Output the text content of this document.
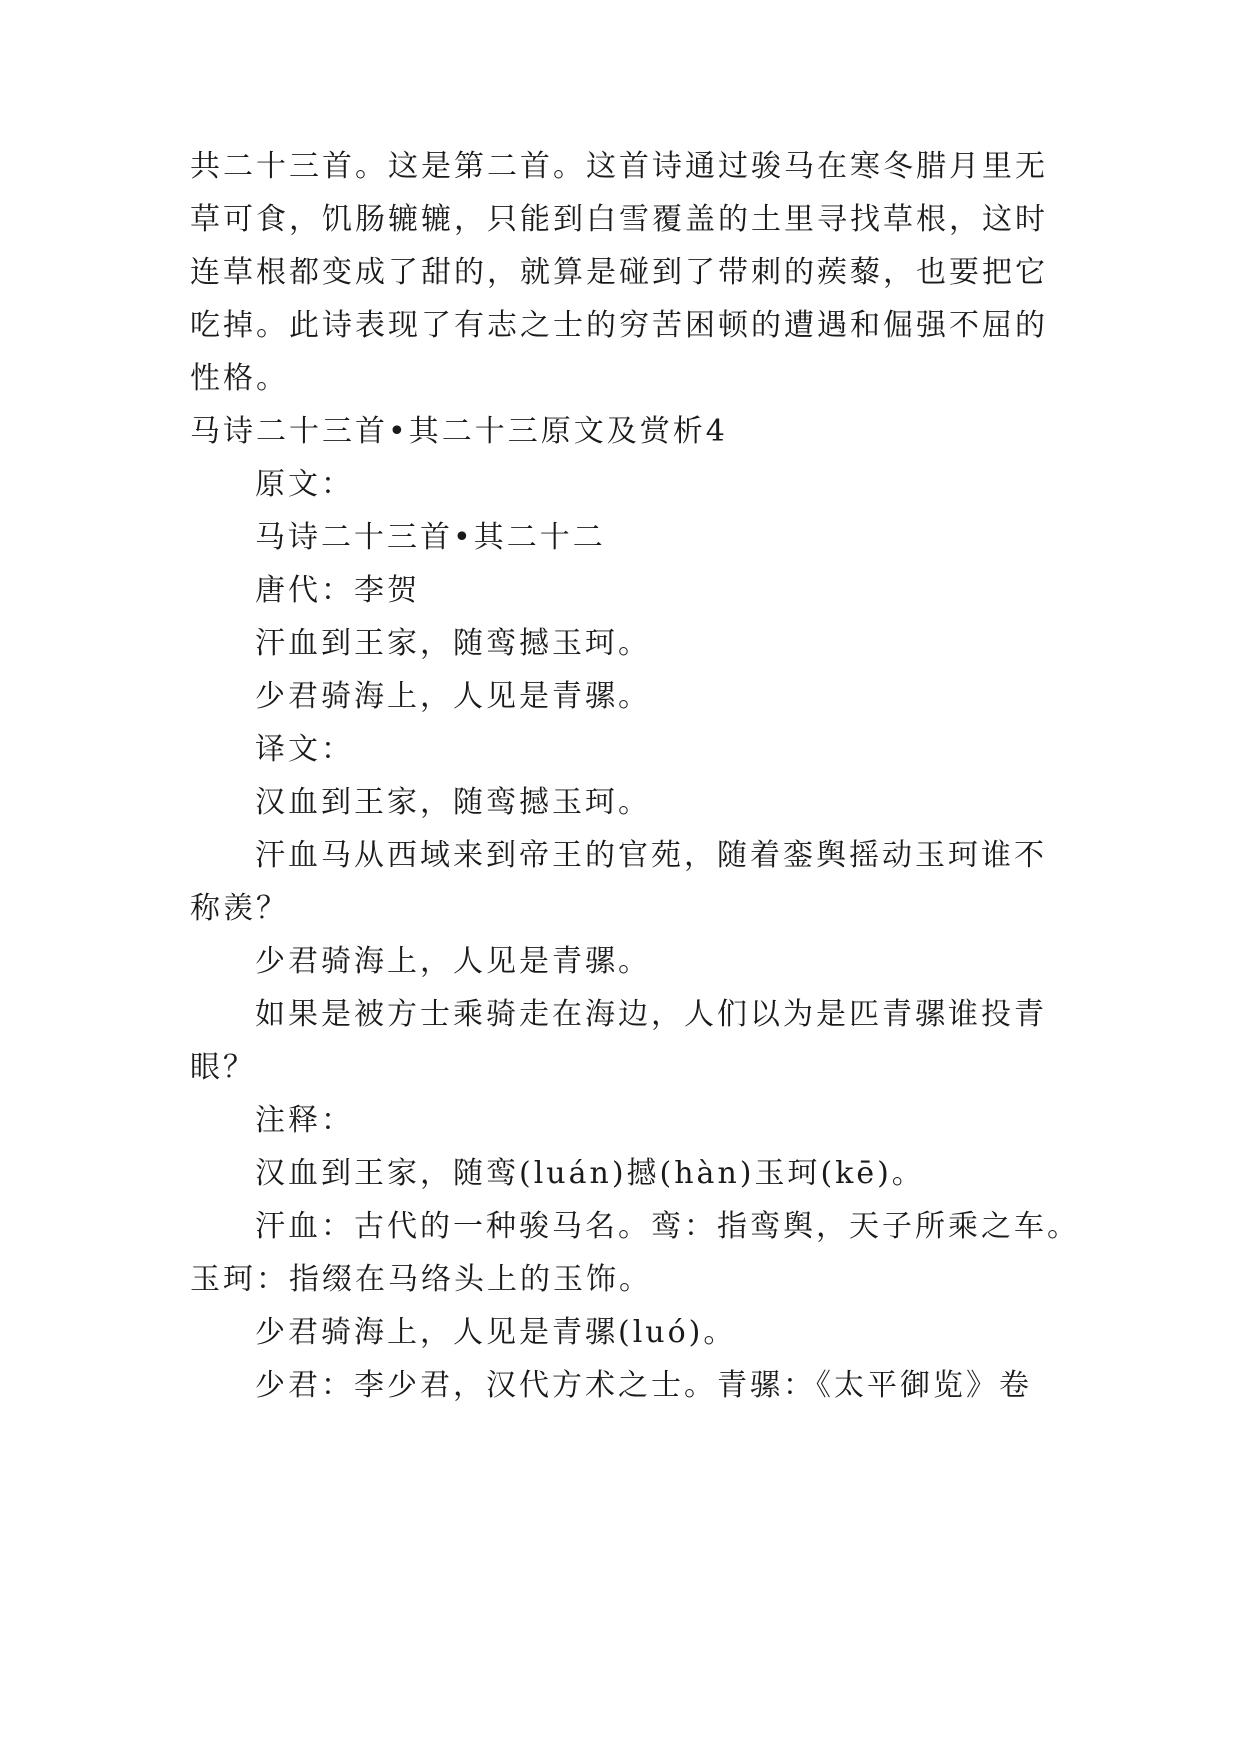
共二十三首。这是第二首。这首诗通过骏马在寒冬腊月里无
草可食，饥肠辘辘，只能到白雪覆盖的土里寻找草根，这时
连草根都变成了甜的，就算是碰到了带刺的蒺藜，也要把它
吃掉。此诗表现了有志之士的穷苦困顿的遭遇和倔强不屈的
性格。
马诗二十三首•其二十三原文及赏析4
原文：
马诗二十三首•其二十二
唐代：李贺
汗血到王家，随鸾撼玉珂。
少君骑海上，人见是青骡。
译文：
汉血到王家，随鸾撼玉珂。
汗血马从西域来到帝王的官苑，随着銮舆摇动玉珂谁不
称羡？
少君骑海上，人见是青骡。
如果是被方士乘骑走在海边，人们以为是匹青骡谁投青
眼？
注释：
汉血到王家，随鸾(luán)撼(hàn)玉珂(kē)。
汗血：古代的一种骏马名。鸾：指鸾舆，天子所乘之车。
玉珂：指缀在马络头上的玉饰。
少君骑海上，人见是青骡(luó)。
少君：李少君，汉代方术之士。青骡：《太平御览》卷
